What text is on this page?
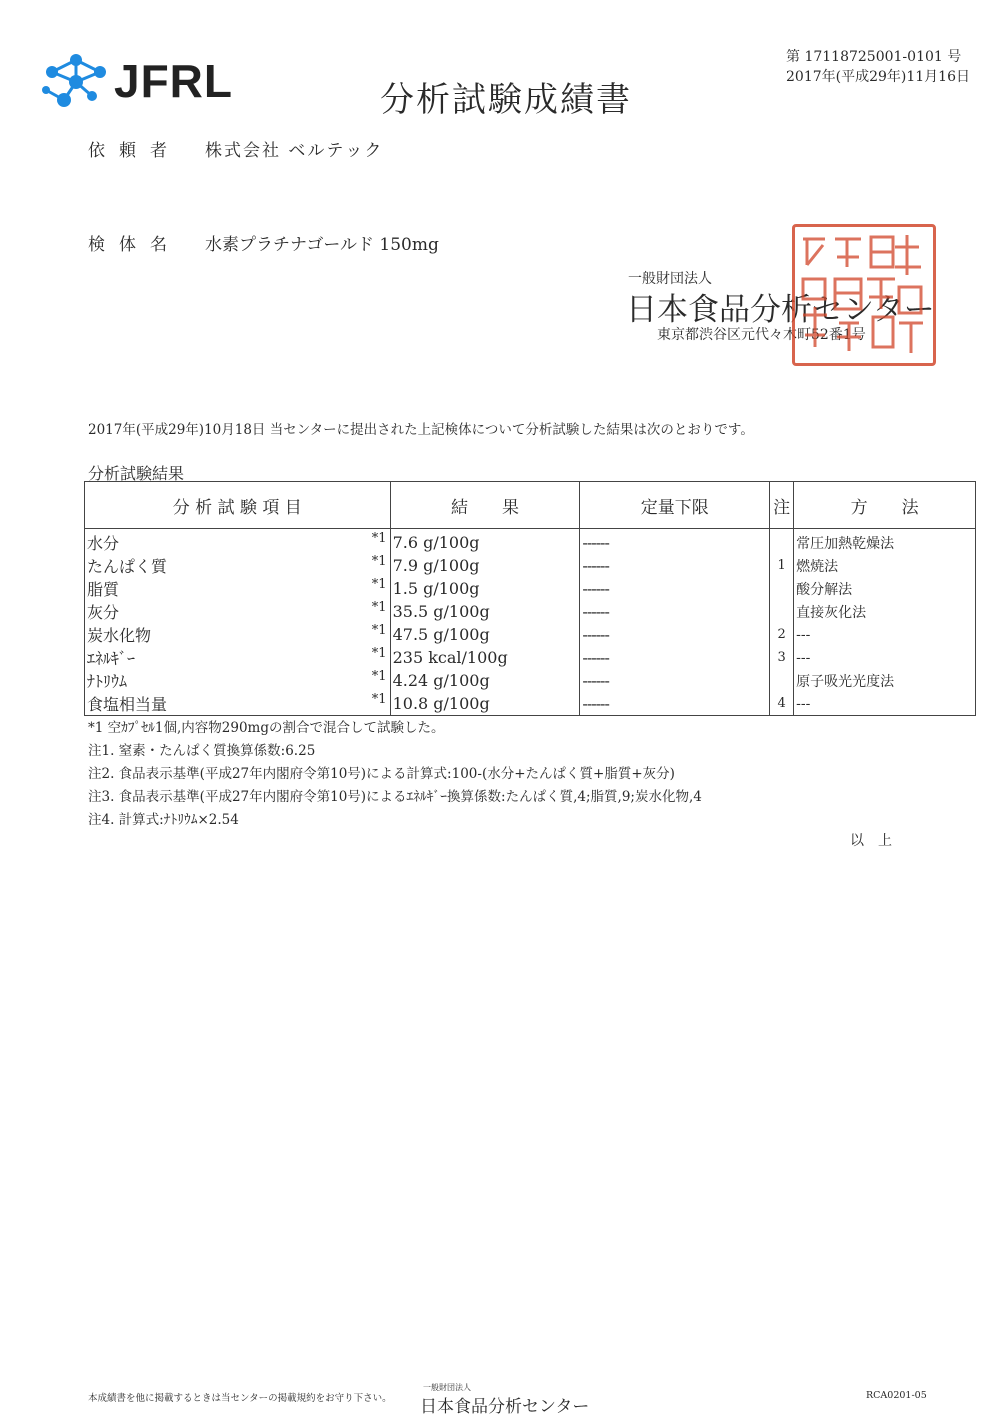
JFRL	第 17118725001-0101 号
2017年(平成29年)11月16日
分析試験成績書
依頼者 株式会社 ベルテック
検体名 水素プラチナゴールド 150mg
一般財団法人
日本食品分析センター
東京都渋谷区元代々木町52番1号
2017年(平成29年)10月18日 当センターに提出された上記検体について分析試験した結果は次のとおりです。
分析試験結果
分 析 試 験 項 目	結　　果	定量下限	注	方　　法
水分 *1	7.6 g/100g	------		常圧加熱乾燥法
たんぱく質 *1	7.9 g/100g	------	1	燃焼法
脂質 *1	1.5 g/100g	------		酸分解法
灰分 *1	35.5 g/100g	------		直接灰化法
炭水化物 *1	47.5 g/100g	------	2	---
ｴﾈﾙｷﾞｰ *1	235 kcal/100g	------	3	---
ﾅﾄﾘｳﾑ *1	4.24 g/100g	------		原子吸光光度法
食塩相当量 *1	10.8 g/100g	------	4	---
*1 空ｶﾌﾟｾﾙ1個,内容物290mgの割合で混合して試験した。
注1. 窒素・たんぱく質換算係数:6.25
注2. 食品表示基準(平成27年内閣府令第10号)による計算式:100-(水分+たんぱく質+脂質+灰分)
注3. 食品表示基準(平成27年内閣府令第10号)によるｴﾈﾙｷﾞｰ換算係数:たんぱく質,4;脂質,9;炭水化物,4
注4. 計算式:ﾅﾄﾘｳﾑ×2.54
以　上
本成績書を他に掲載するときは当センターの掲載規約をお守り下さい。
一般財団法人
日本食品分析センター
RCA0201-05
